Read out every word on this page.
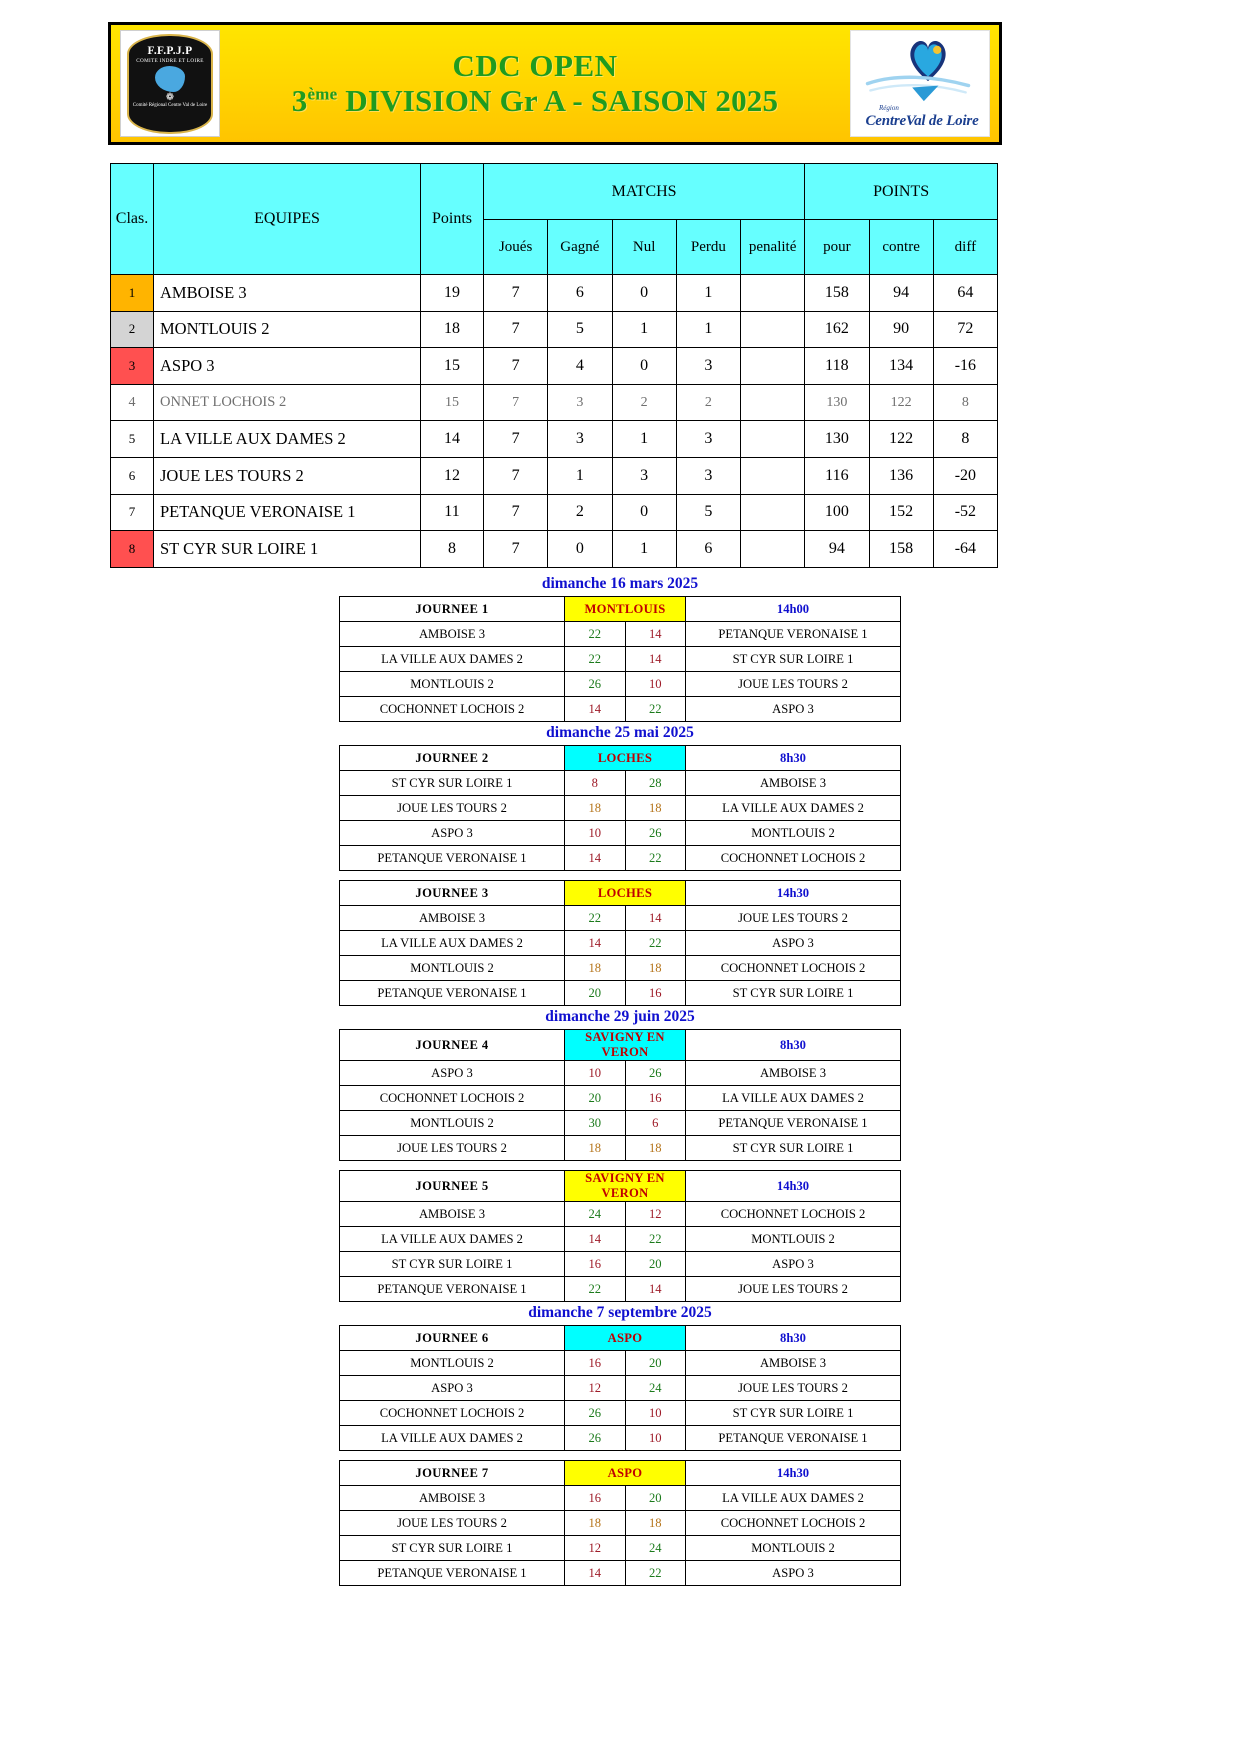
F.F.P.J.P
COMITE INDRE ET LOIRE
❁
Comité Régional Centre Val de Loire
CDC OPEN
3ème DIVISION Gr A - SAISON 2025	Région
CentreVal de Loire
Clas.	EQUIPES	Points	MATCHS					POINTS		
			Joués	Gagné	Nul	Perdu	penalité	pour	contre	diff
1	AMBOISE 3	19	7	6	0	1		158	94	64
2	MONTLOUIS 2	18	7	5	1	1		162	90	72
3	ASPO 3	15	7	4	0	3		118	134	-16
4	ONNET LOCHOIS 2	15	7	3	2	2		130	122	8
5	LA VILLE AUX DAMES 2	14	7	3	1	3		130	122	8
6	JOUE LES TOURS 2	12	7	1	3	3		116	136	-20
7	PETANQUE VERONAISE 1	11	7	2	0	5		100	152	-52
8	ST CYR SUR LOIRE 1	8	7	0	1	6		94	158	-64
dimanche 16 mars 2025
JOURNEE 1	MONTLOUIS		14h00
AMBOISE 3	22	14	PETANQUE VERONAISE 1
LA VILLE AUX DAMES 2	22	14	ST CYR SUR LOIRE 1
MONTLOUIS 2	26	10	JOUE LES TOURS 2
COCHONNET LOCHOIS 2	14	22	ASPO 3
dimanche 25 mai 2025
JOURNEE 2	LOCHES		8h30
ST CYR SUR LOIRE 1	8	28	AMBOISE 3
JOUE LES TOURS 2	18	18	LA VILLE AUX DAMES 2
ASPO 3	10	26	MONTLOUIS 2
PETANQUE VERONAISE 1	14	22	COCHONNET LOCHOIS 2
JOURNEE 3	LOCHES		14h30
AMBOISE 3	22	14	JOUE LES TOURS 2
LA VILLE AUX DAMES 2	14	22	ASPO 3
MONTLOUIS 2	18	18	COCHONNET LOCHOIS 2
PETANQUE VERONAISE 1	20	16	ST CYR SUR LOIRE 1
dimanche 29 juin 2025
JOURNEE 4	SAVIGNY EN VERON		8h30
ASPO 3	10	26	AMBOISE 3
COCHONNET LOCHOIS 2	20	16	LA VILLE AUX DAMES 2
MONTLOUIS 2	30	6	PETANQUE VERONAISE 1
JOUE LES TOURS 2	18	18	ST CYR SUR LOIRE 1
JOURNEE 5	SAVIGNY EN VERON		14h30
AMBOISE 3	24	12	COCHONNET LOCHOIS 2
LA VILLE AUX DAMES 2	14	22	MONTLOUIS 2
ST CYR SUR LOIRE 1	16	20	ASPO 3
PETANQUE VERONAISE 1	22	14	JOUE LES TOURS 2
dimanche 7 septembre 2025
JOURNEE 6	ASPO		8h30
MONTLOUIS 2	16	20	AMBOISE 3
ASPO 3	12	24	JOUE LES TOURS 2
COCHONNET LOCHOIS 2	26	10	ST CYR SUR LOIRE 1
LA VILLE AUX DAMES 2	26	10	PETANQUE VERONAISE 1
JOURNEE 7	ASPO		14h30
AMBOISE 3	16	20	LA VILLE AUX DAMES 2
JOUE LES TOURS 2	18	18	COCHONNET LOCHOIS 2
ST CYR SUR LOIRE 1	12	24	MONTLOUIS 2
PETANQUE VERONAISE 1	14	22	ASPO 3
